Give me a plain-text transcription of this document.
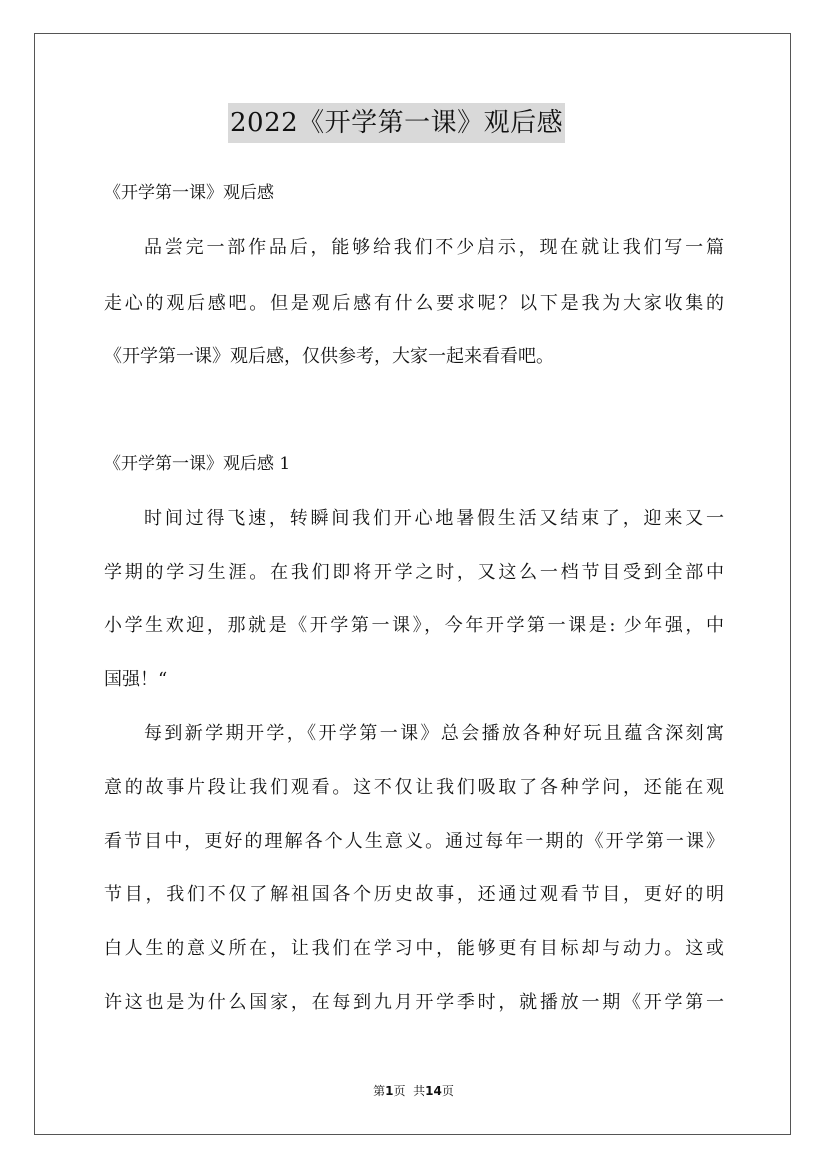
2022《开学第一课》观后感
《开学第一课》观后感
品尝完一部作品后，能够给我们不少启示，现在就让我们写一篇
走心的观后感吧。但是观后感有什么要求呢？以下是我为大家收集的
《开学第一课》观后感，仅供参考，大家一起来看看吧。
《开学第一课》观后感 1
时间过得飞速，转瞬间我们开心地暑假生活又结束了，迎来又一
学期的学习生涯。在我们即将开学之时，又这么一档节目受到全部中
小学生欢迎，那就是《开学第一课》，今年开学第一课是: 少年强，中
国强！“
每到新学期开学，《开学第一课》总会播放各种好玩且蕴含深刻寓
意的故事片段让我们观看。这不仅让我们吸取了各种学问，还能在观
看节目中，更好的理解各个人生意义。通过每年一期的《开学第一课》
节目，我们不仅了解祖国各个历史故事，还通过观看节目，更好的明
白人生的意义所在，让我们在学习中，能够更有目标却与动力。这或
许这也是为什么国家，在每到九月开学季时，就播放一期《开学第一
第1页 共14页
